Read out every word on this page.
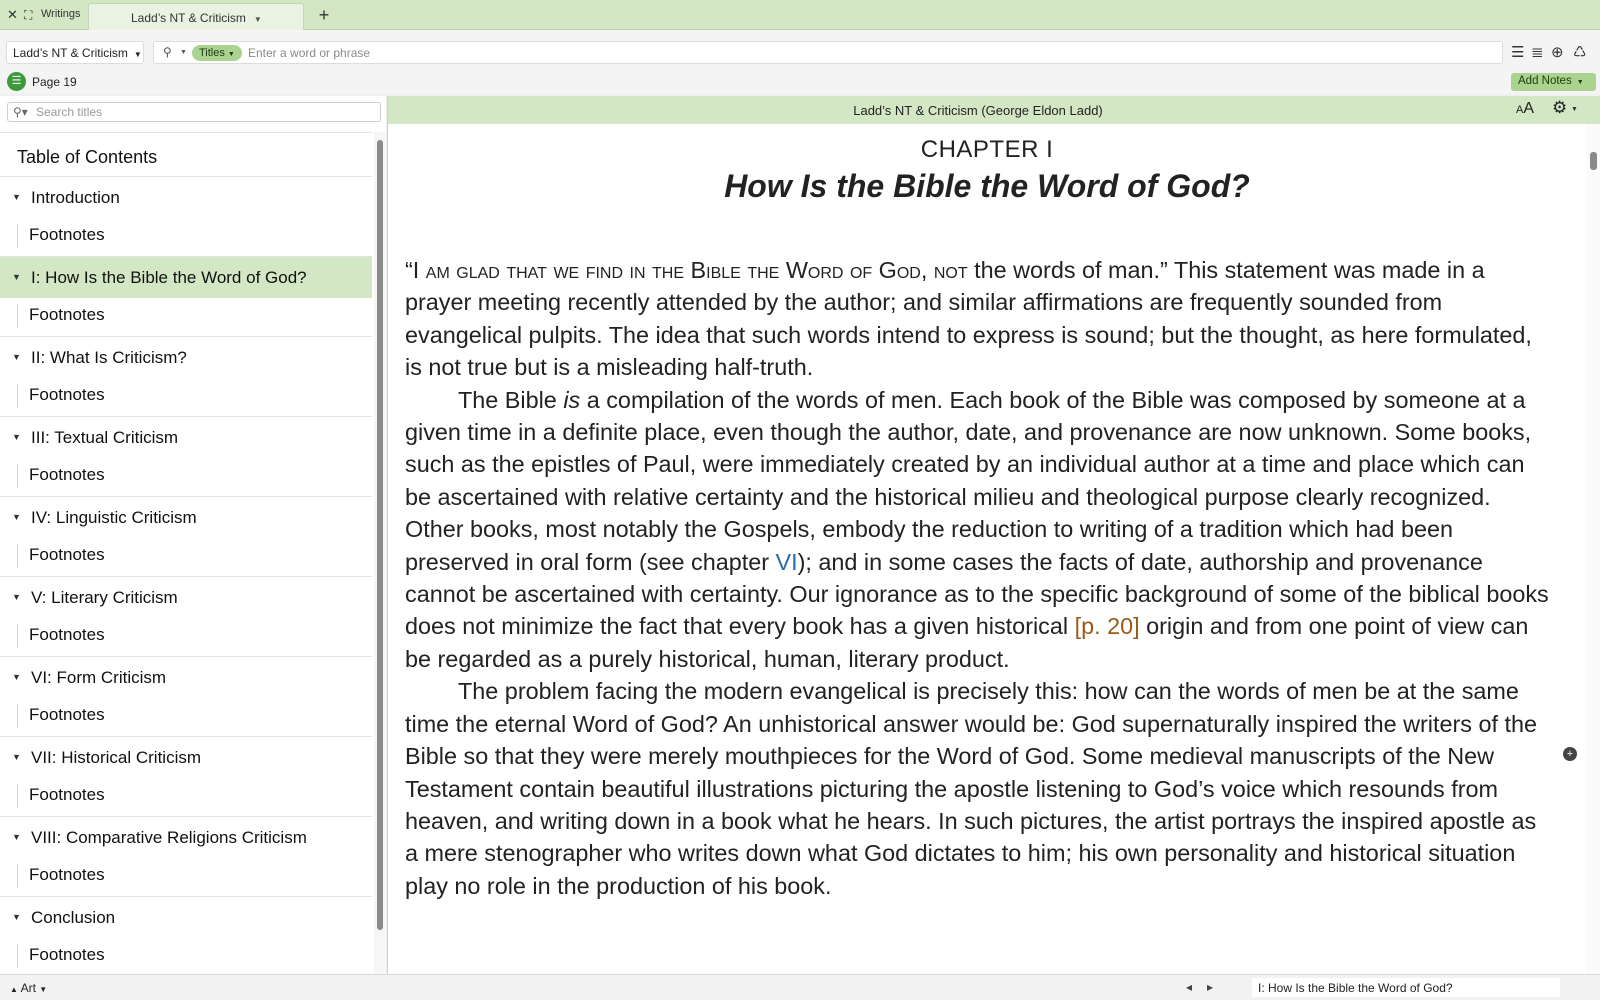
✕ ⛶ Writings	Ladd’s NT & Criticism ▼	+
Ladd’s NT & Criticism ▼ ⚲ ▼	Titles ▼
Enter a word or phrase	☰ ≣ ⊕ ♺
☰ Page 19	Add Notes ▼
⚲▾
Search titles
Table of Contents
▼ Introduction
Footnotes
▼ I: How Is the Bible the Word of God?
Footnotes
▼ II: What Is Criticism?
Footnotes
▼ III: Textual Criticism
Footnotes
▼ IV: Linguistic Criticism
Footnotes
▼ V: Literary Criticism
Footnotes
▼ VI: Form Criticism
Footnotes
▼ VII: Historical Criticism
Footnotes
▼ VIII: Comparative Religions Criticism
Footnotes
▼ Conclusion
Footnotes
Ladd’s NT & Criticism (George Eldon Ladd)	AA ⚙ ▼
CHAPTER I
How Is the Bible the Word of God?

“I am glad that we find in the Bible the Word of God, not the words of man.” This statement was made in a prayer meeting recently attended by the author; and similar affirmations are frequently sounded from evangelical pulpits. The idea that such words intend to express is sound; but the thought, as here formulated, is not true but is a misleading half-truth.

The Bible is a compilation of the words of men. Each book of the Bible was composed by someone at a given time in a definite place, even though the author, date, and provenance are now unknown. Some books, such as the epistles of Paul, were immediately created by an individual author at a time and place which can be ascertained with relative certainty and the historical milieu and theological purpose clearly recognized. Other books, most notably the Gospels, embody the reduction to writing of a tradition which had been preserved in oral form (see chapter VI); and in some cases the facts of date, authorship and provenance cannot be ascertained with certainty. Our ignorance as to the specific background of some of the biblical books does not minimize the fact that every book has a given historical [p. 20] origin and from one point of view can be regarded as a purely historical, human, literary product.

The problem facing the modern evangelical is precisely this: how can the words of men be at the same time the eternal Word of God? An unhistorical answer would be: God supernaturally inspired the writers of the Bible so that they were merely mouthpieces for the Word of God. Some medieval manuscripts of the New Testament contain beautiful illustrations picturing the apostle listening to God’s voice which resounds from heaven, and writing down in a book what he hears. In such pictures, the artist portrays the inspired apostle as a mere stenographer who writes down what God dictates to him; his own personality and historical situation play no role in the production of his book.

+
▲ Art ▼	◂ ▸	I: How Is the Bible the Word of God?
